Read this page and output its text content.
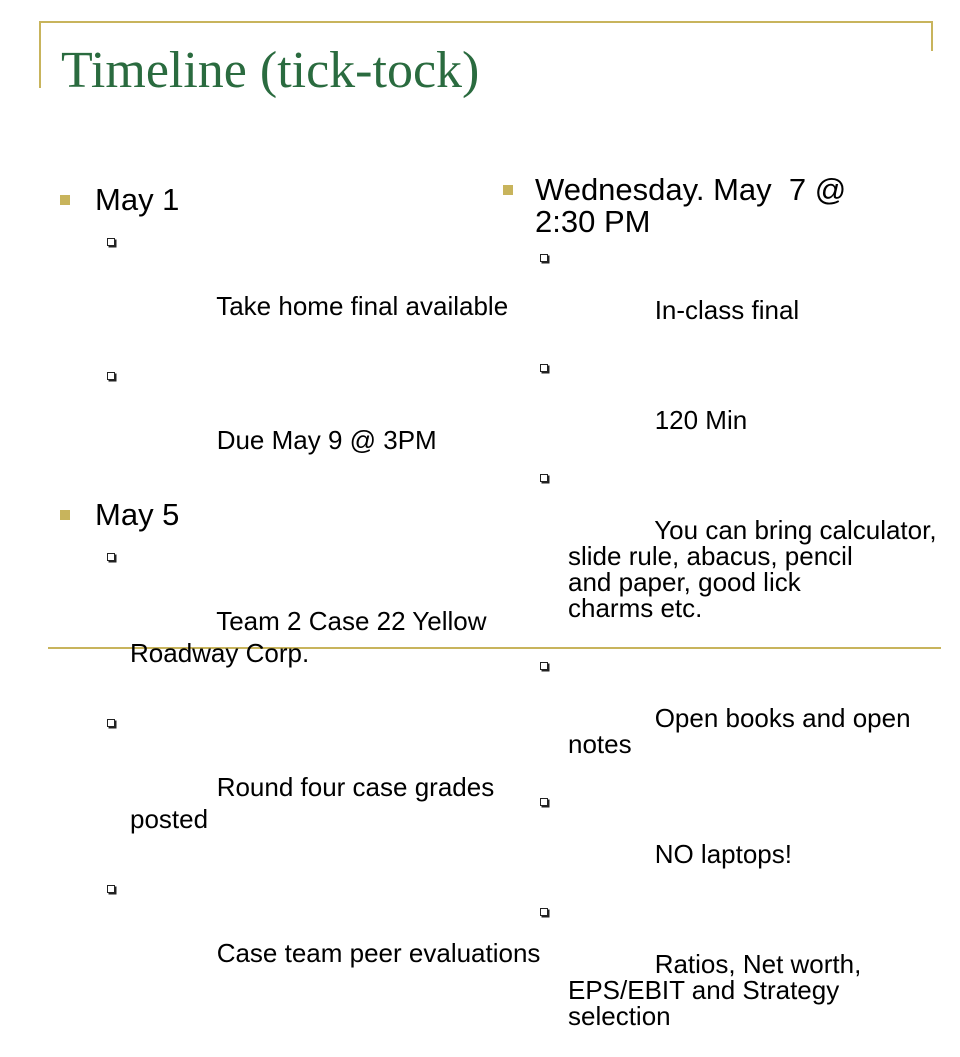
Timeline (tick-tock)
May 1

Take home final available

Due May 9 @ 3PM

May 5

Team 2 Case 22 Yellow
Roadway Corp.

Round four case grades
posted

Case team peer evaluations

Wednesday. May  7 @
2:30 PM

In-class final

120 Min

You can bring calculator,
slide rule, abacus, pencil
and paper, good lick
charms etc.

Open books and open
notes

NO laptops!

Ratios, Net worth,
EPS/EBIT and Strategy
selection
